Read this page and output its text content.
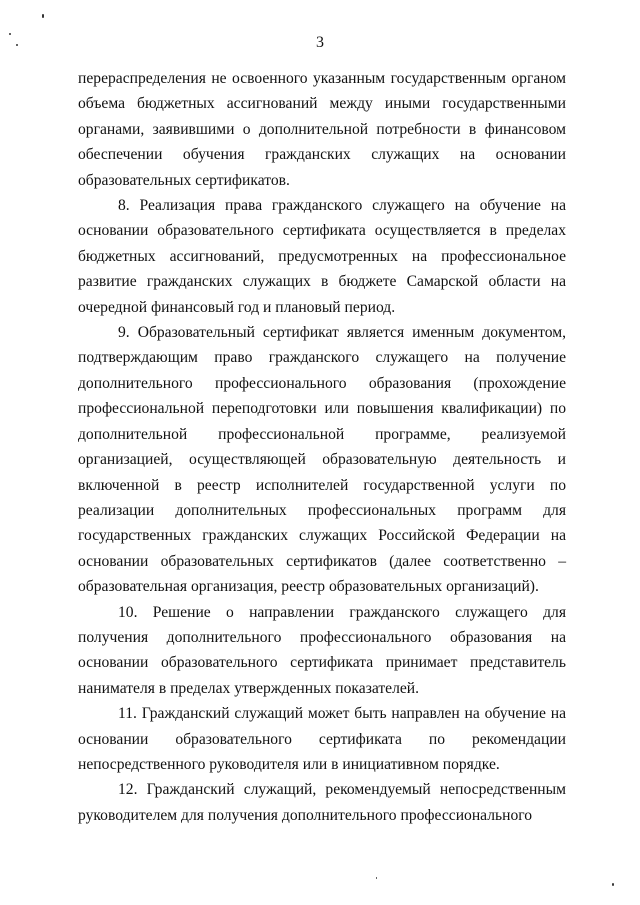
3

перераспределения не освоенного указанным государственным органом объема бюджетных ассигнований между иными государственными органами, заявившими о дополнительной потребности в финансовом обеспечении обучения гражданских служащих на основании образовательных сертификатов.

8. Реализация права гражданского служащего на обучение на основании образовательного сертификата осуществляется в пределах бюджетных ассигнований, предусмотренных на профессиональное развитие гражданских служащих в бюджете Самарской области на очередной финансовый год и плановый период.

9. Образовательный сертификат является именным документом, подтверждающим право гражданского служащего на получение дополнительного профессионального образования (прохождение профессиональной переподготовки или повышения квалификации) по дополнительной профессиональной программе, реализуемой организацией, осуществляющей образовательную деятельность и включенной в реестр исполнителей государственной услуги по реализации дополнительных профессиональных программ для государственных гражданских служащих Российской Федерации на основании образовательных сертификатов (далее соответственно – образовательная организация, реестр образовательных организаций).

10. Решение о направлении гражданского служащего для получения дополнительного профессионального образования на основании образовательного сертификата принимает представитель нанимателя в пределах утвержденных показателей.

11. Гражданский служащий может быть направлен на обучение на основании образовательного сертификата по рекомендации непосредственного руководителя или в инициативном порядке.

12. Гражданский служащий, рекомендуемый непосредственным руководителем для получения дополнительного профессионального
